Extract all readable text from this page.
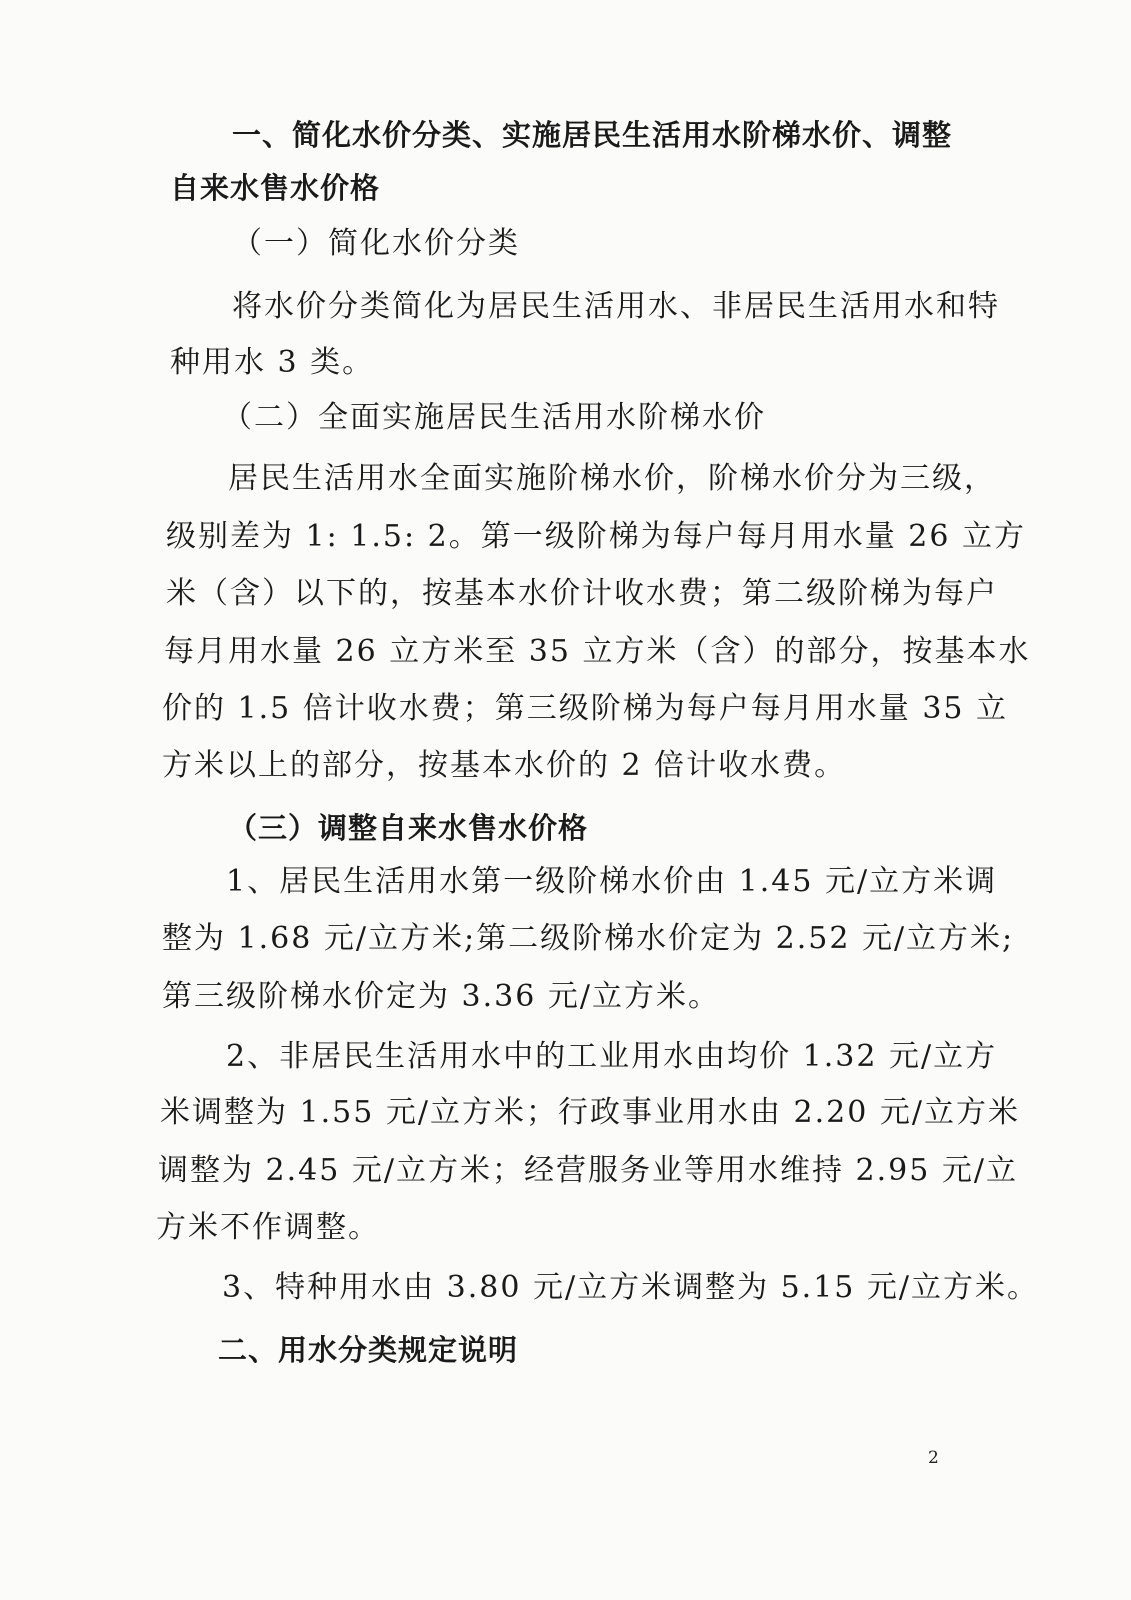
一、简化水价分类、实施居民生活用水阶梯水价、调整
自来水售水价格
（一）简化水价分类
将水价分类简化为居民生活用水、非居民生活用水和特
种用水 3 类。
（二）全面实施居民生活用水阶梯水价
居民生活用水全面实施阶梯水价，阶梯水价分为三级，
级别差为 1: 1.5: 2。第一级阶梯为每户每月用水量 26 立方
米（含）以下的，按基本水价计收水费；第二级阶梯为每户
每月用水量 26 立方米至 35 立方米（含）的部分，按基本水
价的 1.5 倍计收水费；第三级阶梯为每户每月用水量 35 立
方米以上的部分，按基本水价的 2 倍计收水费。
（三）调整自来水售水价格
1、居民生活用水第一级阶梯水价由 1.45 元/立方米调
整为 1.68 元/立方米;第二级阶梯水价定为 2.52 元/立方米;
第三级阶梯水价定为 3.36 元/立方米。
2、非居民生活用水中的工业用水由均价 1.32 元/立方
米调整为 1.55 元/立方米；行政事业用水由 2.20 元/立方米
调整为 2.45 元/立方米；经营服务业等用水维持 2.95 元/立
方米不作调整。
3、特种用水由 3.80 元/立方米调整为 5.15 元/立方米。
二、用水分类规定说明
2
